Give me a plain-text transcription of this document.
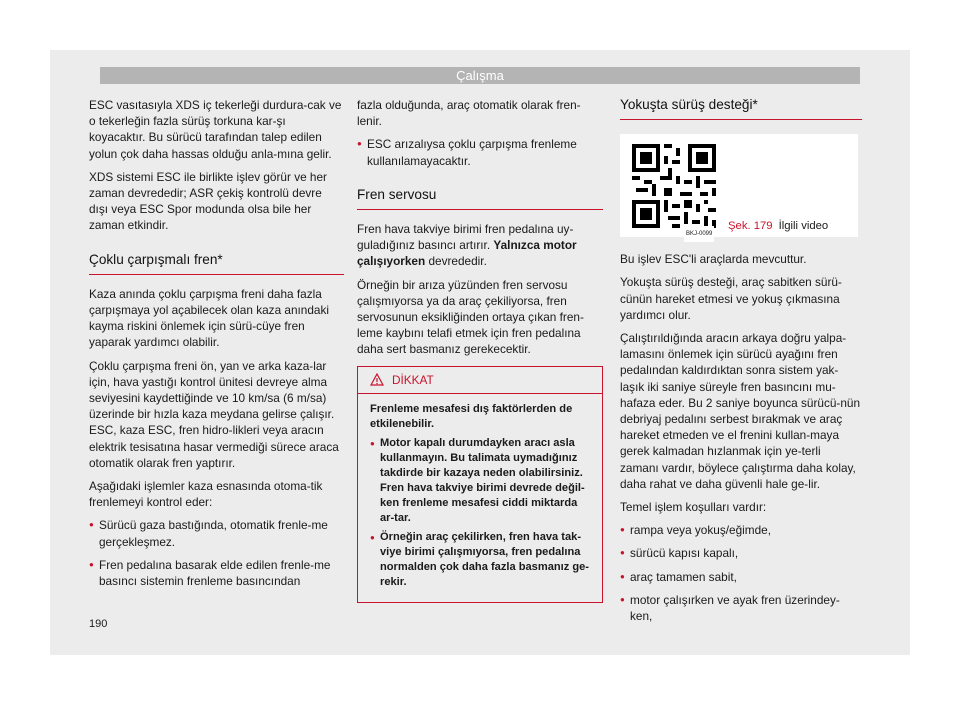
Çalışma

ESC vasıtasıyla XDS iç tekerleği durdura-cak ve o tekerleğin fazla sürüş torkuna kar-şı koyacaktır. Bu sürücü tarafından talep edilen yolun çok daha hassas olduğu anla-mına gelir.

XDS sistemi ESC ile birlikte işlev görür ve her zaman devrededir; ASR çekiş kontrolü devre dışı veya ESC Spor modunda olsa bile her zaman etkindir.

Çoklu çarpışmalı fren*

Kaza anında çoklu çarpışma freni daha fazla çarpışmaya yol açabilecek olan kaza anındaki kayma riskini önlemek için sürü-cüye fren yaparak yardımcı olabilir.

Çoklu çarpışma freni ön, yan ve arka kaza-lar için, hava yastığı kontrol ünitesi devreye alma seviyesini kaydettiğinde ve 10 km/sa (6 m/sa) üzerinde bir hızla kaza meydana gelirse çalışır. ESC, kaza ESC, fren hidro-likleri veya aracın elektrik tesisatına hasar vermediği sürece araca otomatik olarak fren yaptırır.

Aşağıdaki işlemler kaza esnasında otoma-tik frenlemeyi kontrol eder:

● Sürücü gaza bastığında, otomatik frenle-me gerçekleşmez.

● Fren pedalına basarak elde edilen frenle-me basıncı sistemin frenleme basıncından

fazla olduğunda, araç otomatik olarak fren-lenir.

● ESC arızalıysa çoklu çarpışma frenleme kullanılamayacaktır.

Fren servosu

Fren hava takviye birimi fren pedalına uy-guladığınız basıncı artırır. Yalnızca motor çalışıyorken devrededir.

Örneğin bir arıza yüzünden fren servosu çalışmıyorsa ya da araç çekiliyorsa, fren servosunun eksikliğinden ortaya çıkan fren-leme kaybını telafi etmek için fren pedalına daha sert basmanız gerekecektir.

DİKKAT

Frenleme mesafesi dış faktörlerden de etkilenebilir.

● Motor kapalı durumdayken aracı asla kullanmayın. Bu talimata uymadığınız takdirde bir kazaya neden olabilirsiniz. Fren hava takviye birimi devrede değil-ken frenleme mesafesi ciddi miktarda ar-tar.

● Örneğin araç çekilirken, fren hava tak-viye birimi çalışmıyorsa, fren pedalına normalden çok daha fazla basmanız ge-rekir.

Yokuşta sürüş desteği*
BKJ-0099
Şek. 179 İlgili video

Bu işlev ESC'li araçlarda mevcuttur.

Yokuşta sürüş desteği, araç sabitken sürü-cünün hareket etmesi ve yokuş çıkmasına yardımcı olur.

Çalıştırıldığında aracın arkaya doğru yalpa-lamasını önlemek için sürücü ayağını fren pedalından kaldırdıktan sonra sistem yak-laşık iki saniye süreyle fren basıncını mu-hafaza eder. Bu 2 saniye boyunca sürücü-nün debriyaj pedalını serbest bırakmak ve araç hareket etmeden ve el frenini kullan-maya gerek kalmadan hızlanmak için ye-terli zamanı vardır, böylece çalıştırma daha kolay, daha rahat ve daha güvenli hale ge-lir.

Temel işlem koşulları vardır:

● rampa veya yokuş/eğimde,

● sürücü kapısı kapalı,

● araç tamamen sabit,

● motor çalışırken ve ayak fren üzerindey-ken,

190
